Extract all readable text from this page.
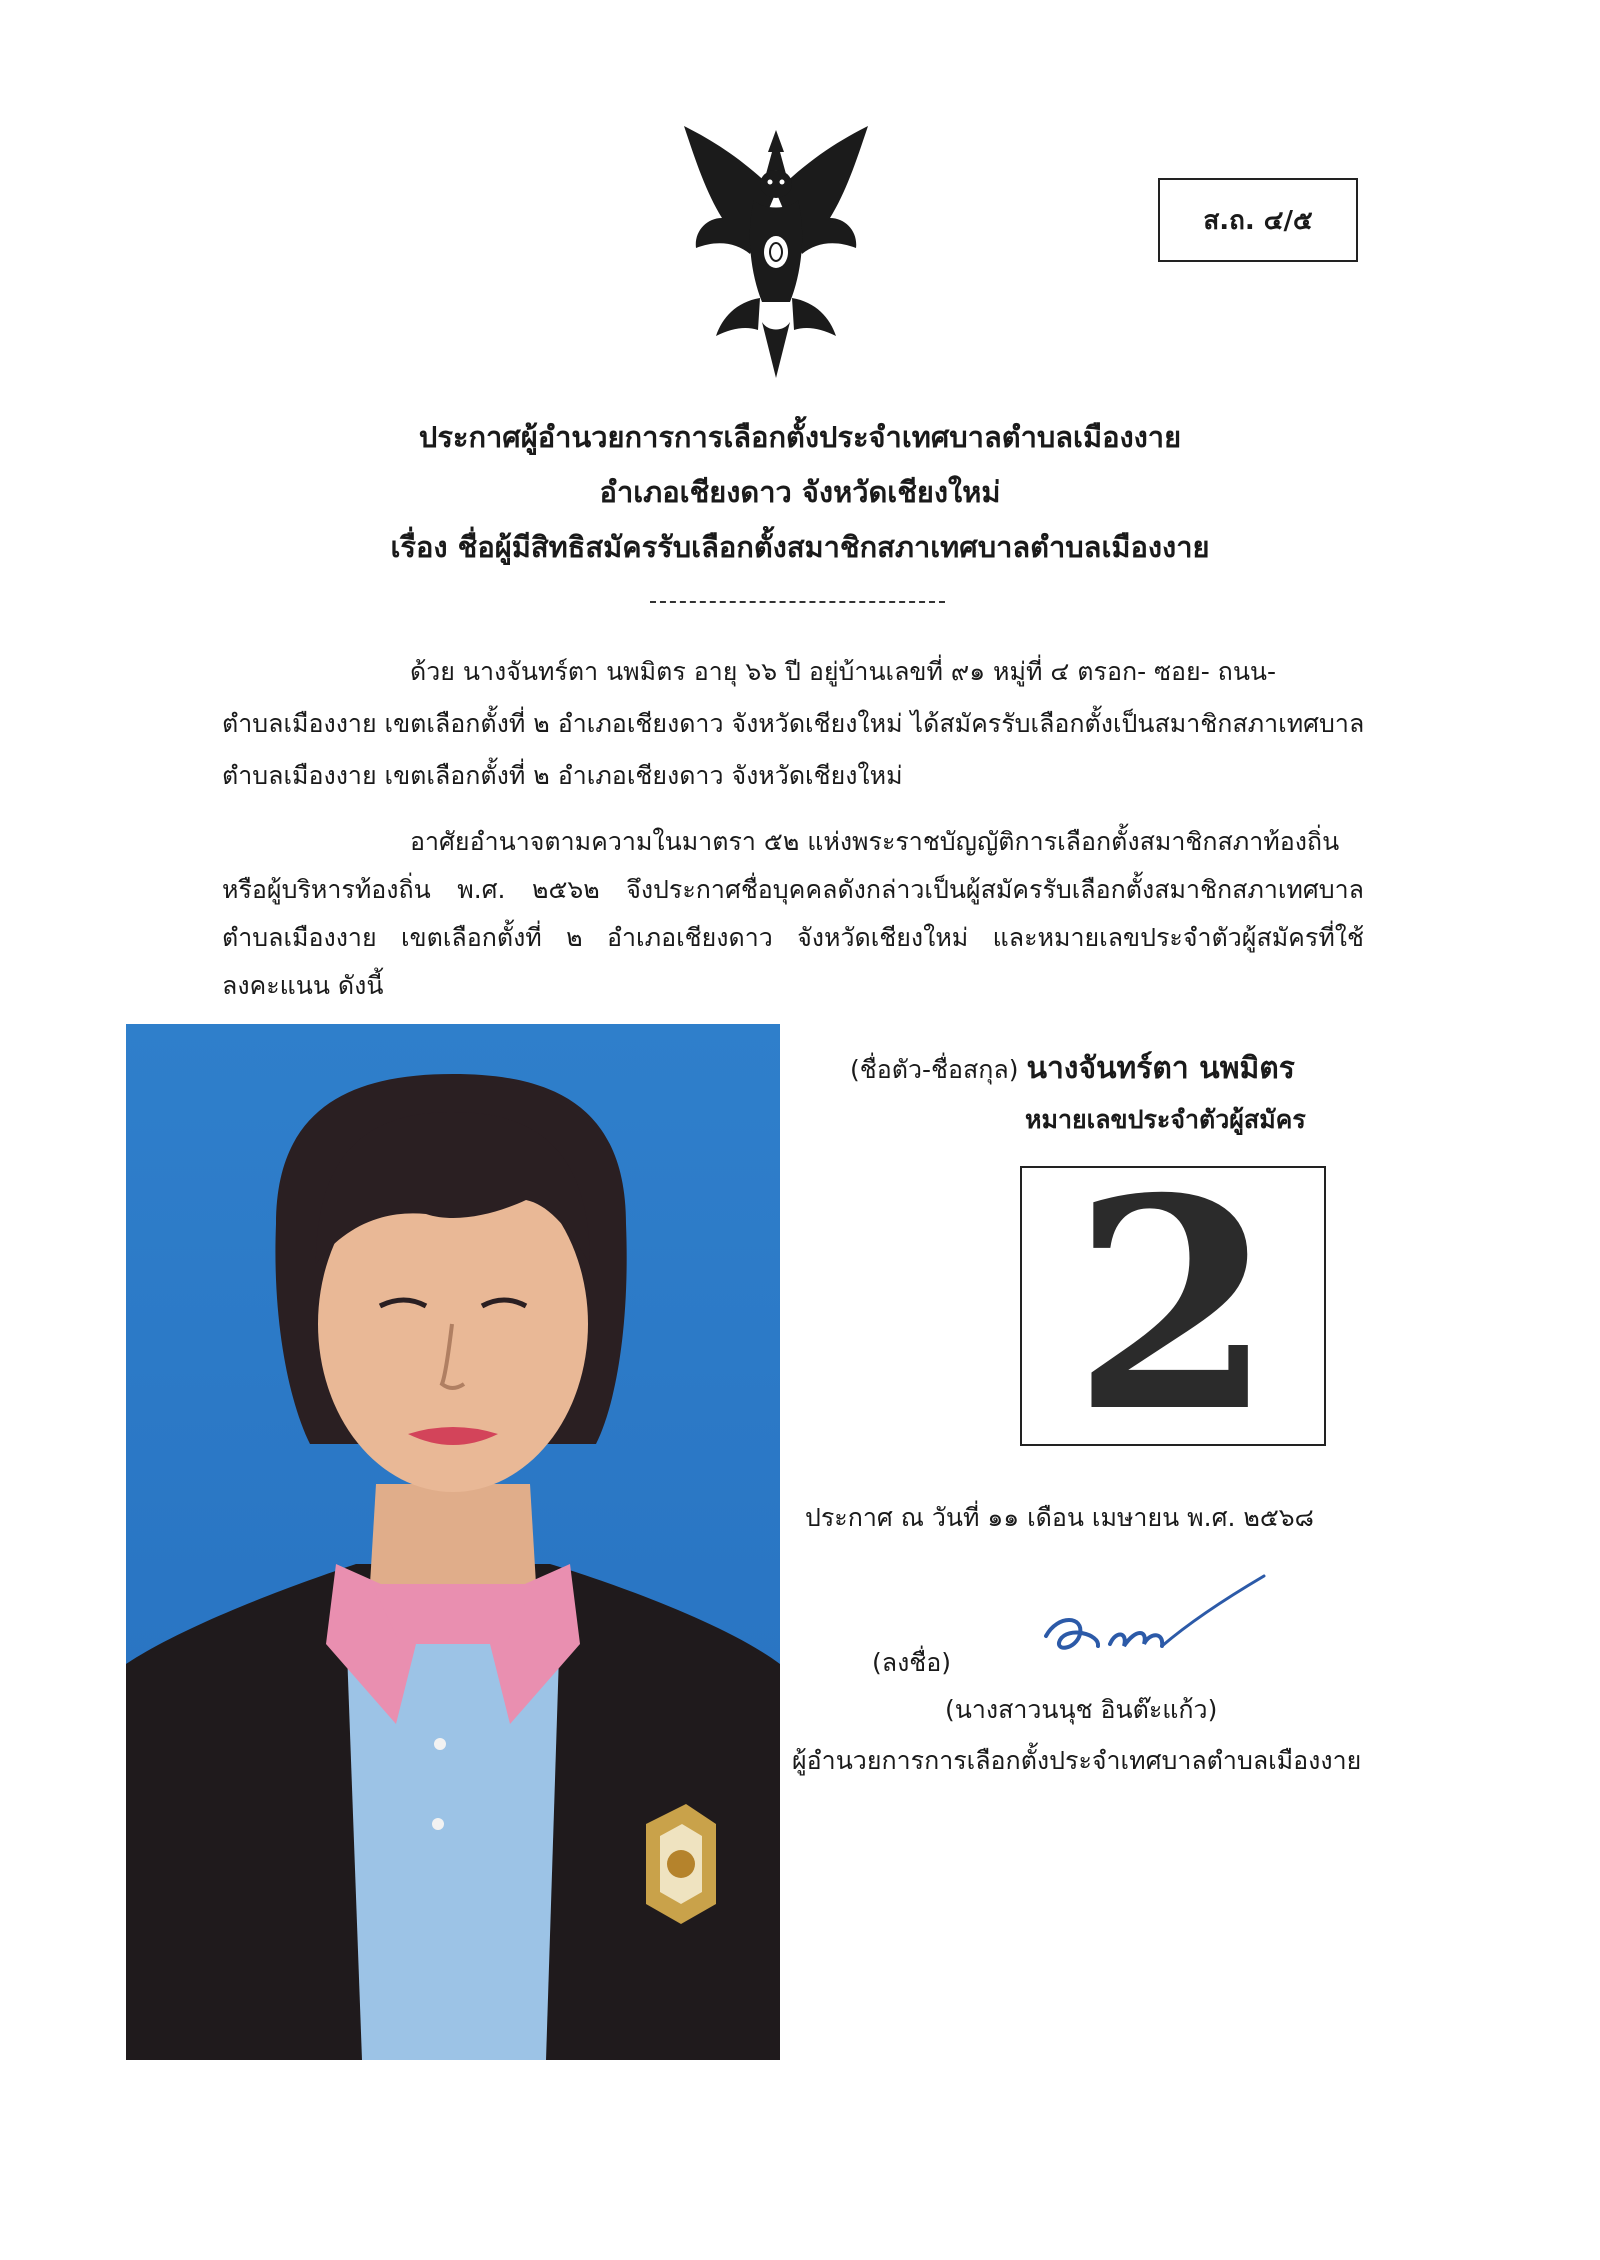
ส.ถ. ๔/๕
ประกาศผู้อำนวยการการเลือกตั้งประจำเทศบาลตำบลเมืองงาย
อำเภอเชียงดาว จังหวัดเชียงใหม่
เรื่อง ชื่อผู้มีสิทธิสมัครรับเลือกตั้งสมาชิกสภาเทศบาลตำบลเมืองงาย
ด้วย นางจันทร์ตา นพมิตร อายุ ๖๖ ปี อยู่บ้านเลขที่ ๙๑ หมู่ที่ ๔ ตรอก- ซอย- ถนน-
ตำบลเมืองงาย เขตเลือกตั้งที่ ๒ อำเภอเชียงดาว จังหวัดเชียงใหม่ ได้สมัครรับเลือกตั้งเป็นสมาชิกสภาเทศบาล
ตำบลเมืองงาย เขตเลือกตั้งที่ ๒ อำเภอเชียงดาว จังหวัดเชียงใหม่
อาศัยอำนาจตามความในมาตรา ๕๒ แห่งพระราชบัญญัติการเลือกตั้งสมาชิกสภาท้องถิ่น
หรือผู้บริหารท้องถิ่น พ.ศ. ๒๕๖๒ จึงประกาศชื่อบุคคลดังกล่าวเป็นผู้สมัครรับเลือกตั้งสมาชิกสภาเทศบาล
ตำบลเมืองงาย เขตเลือกตั้งที่ ๒ อำเภอเชียงดาว จังหวัดเชียงใหม่ และหมายเลขประจำตัวผู้สมัครที่ใช้
ลงคะแนน ดังนี้
(ชื่อตัว-ชื่อสกุล) นางจันทร์ตา นพมิตร
หมายเลขประจำตัวผู้สมัคร
2
ประกาศ ณ วันที่ ๑๑ เดือน เมษายน พ.ศ. ๒๕๖๘
(ลงชื่อ)
(นางสาวนนุช อินต๊ะแก้ว)
ผู้อำนวยการการเลือกตั้งประจำเทศบาลตำบลเมืองงาย
